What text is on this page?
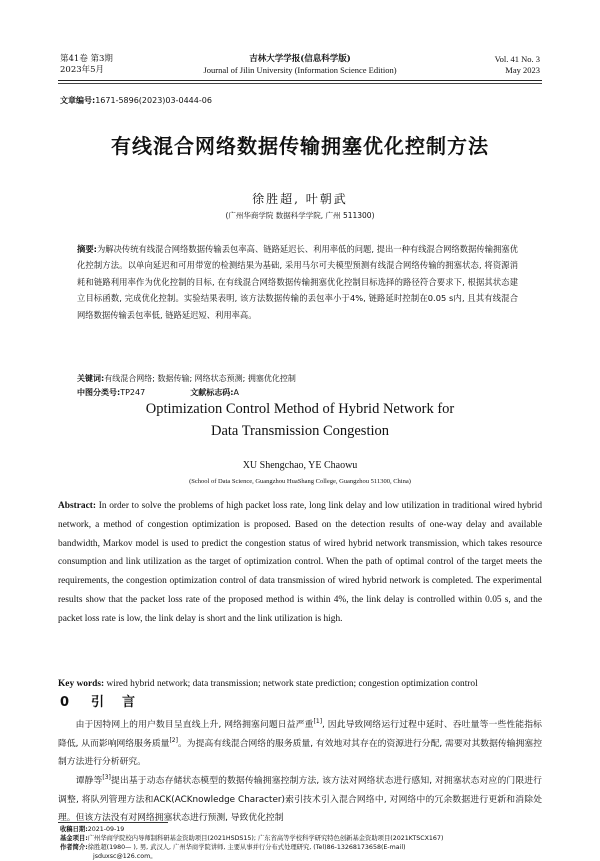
第41卷 第3期
2023年5月
吉林大学学报(信息科学版)
Journal of Jilin University (Information Science Edition)
Vol. 41 No. 3
May 2023
文章编号:1671-5896(2023)03-0444-06
有线混合网络数据传输拥塞优化控制方法
徐胜超, 叶朝武
(广州华商学院 数据科学学院, 广州 511300)
摘要:为解决传统有线混合网络数据传输丢包率高、链路延迟长、利用率低的问题, 提出一种有线混合网络数据传输拥塞优化控制方法。以单向延迟和可用带宽的检测结果为基础, 采用马尔可夫模型预测有线混合网络传输的拥塞状态, 将资源消耗和链路利用率作为优化控制的目标, 在有线混合网络数据传输拥塞优化控制目标选择的路径符合要求下, 根据其状态建立目标函数, 完成优化控制。实验结果表明, 该方法数据传输的丢包率小于4%, 链路延时控制在0.05 s内, 且其有线混合网络数据传输丢包率低, 链路延迟短、利用率高。
关键词:有线混合网络; 数据传输; 网络状态预测; 拥塞优化控制
中图分类号:TP247	文献标志码:A
Optimization Control Method of Hybrid Network for
Data Transmission Congestion
XU Shengchao, YE Chaowu
(School of Data Science, Guangzhou HuaShang College, Guangzhou 511300, China)
Abstract: In order to solve the problems of high packet loss rate, long link delay and low utilization in traditional wired hybrid network, a method of congestion optimization is proposed. Based on the detection results of one-way delay and available bandwidth, Markov model is used to predict the congestion status of wired hybrid network transmission, which takes resource consumption and link utilization as the target of optimization control. When the path of optimal control of the target meets the requirements, the congestion optimization control of data transmission of wired hybrid network is completed. The experimental results show that the packet loss rate of the proposed method is within 4%, the link delay is controlled within 0.05 s, and the packet loss rate is low, the link delay is short and the link utilization is high.
Key words: wired hybrid network; data transmission; network state prediction; congestion optimization control
0 引言
由于因特网上的用户数目呈直线上升, 网络拥塞问题日益严重[1], 因此导致网络运行过程中延时、吞吐量等一些性能指标降低, 从而影响网络服务质量[2]。为提高有线混合网络的服务质量, 有效地对其存在的资源进行分配, 需要对其数据传输拥塞控制方法进行分析研究。
谭静等[3]提出基于动态存储状态模型的数据传输拥塞控制方法, 该方法对网络状态进行感知, 对拥塞状态对应的门限进行调整, 将队列管理方法和ACK(ACKnowledge Character)索引技术引入混合网络中, 对网络中的冗余数据进行更新和消除处理。但该方法没有对网络拥塞状态进行预测, 导致优化控制
收稿日期:2021-09-19
基金项目:广州华商学院校内导师制科研基金资助项目(2021HSDS15); 广东省高等学校科学研究特色创新基金资助项目(2021KTSCX167)
作者简介:徐胜超(1980— ), 男, 武汉人, 广州华商学院讲师, 主要从事并行分布式处理研究, (Tel)86-13268173658(E-mail)
jsduxsc@126.com。
